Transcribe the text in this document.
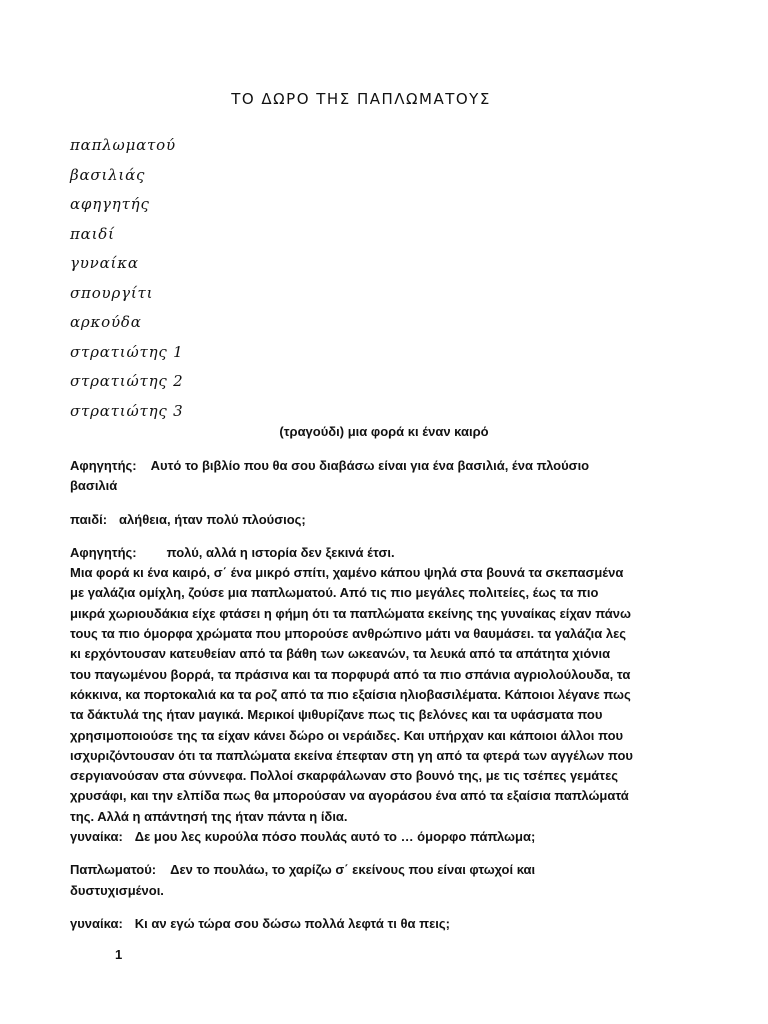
ΤΟ ΔΩΡΟ ΤΗΣ ΠΑΠΛΩΜΑΤΟΥΣ
παπλωματού
βασιλιάς
αφηγητής
παιδί
γυναίκα
σπουργίτι
αρκούδα
στρατιώτης 1
στρατιώτης 2
στρατιώτης 3
(τραγούδι) μια φορά κι έναν καιρό
Αφηγητής: Αυτό το βιβλίο που θα σου διαβάσω είναι για ένα βασιλιά, ένα πλούσιο
βασιλιά
παιδί: αλήθεια, ήταν πολύ πλούσιος;
Αφηγητής: πολύ, αλλά η ιστορία δεν ξεκινά έτσι.
Μια φορά κι ένα καιρό, σ΄ ένα μικρό σπίτι, χαμένο κάπου ψηλά στα βουνά τα σκεπασμένα
με γαλάζια ομίχλη, ζούσε μια παπλωματού. Από τις πιο μεγάλες πολιτείες, έως τα πιο
μικρά χωριουδάκια είχε φτάσει η φήμη ότι τα παπλώματα εκείνης της γυναίκας είχαν πάνω
τους τα πιο όμορφα χρώματα που μπορούσε ανθρώπινο μάτι να θαυμάσει. τα γαλάζια λες
κι ερχόντουσαν κατευθείαν από τα βάθη των ωκεανών, τα λευκά από τα απάτητα χιόνια
του παγωμένου βορρά, τα πράσινα και τα πορφυρά από τα πιο σπάνια αγριολούλουδα, τα
κόκκινα, κα πορτοκαλιά κα τα ροζ από τα πιο εξαίσια ηλιοβασιλέματα. Κάποιοι λέγανε πως
τα δάκτυλά της ήταν μαγικά. Μερικοί ψιθυρίζανε πως τις βελόνες και τα υφάσματα που
χρησιμοποιούσε της τα είχαν κάνει δώρο οι νεράιδες. Και υπήρχαν και κάποιοι άλλοι που
ισχυριζόντουσαν ότι τα παπλώματα εκείνα έπεφταν στη γη από τα φτερά των αγγέλων που
σεργιανούσαν στα σύννεφα. Πολλοί σκαρφάλωναν στο βουνό της, με τις τσέπες γεμάτες
χρυσάφι, και την ελπίδα πως θα μπορούσαν να αγοράσου ένα από τα εξαίσια παπλώματά
της. Αλλά η απάντησή της ήταν πάντα η ίδια.
γυναίκα: Δε μου λες κυρούλα πόσο πουλάς αυτό το … όμορφο πάπλωμα;
Παπλωματού: Δεν το πουλάω, το χαρίζω σ΄ εκείνους που είναι φτωχοί και
δυστυχισμένοι.
γυναίκα: Κι αν εγώ τώρα σου δώσω πολλά λεφτά τι θα πεις;
1
